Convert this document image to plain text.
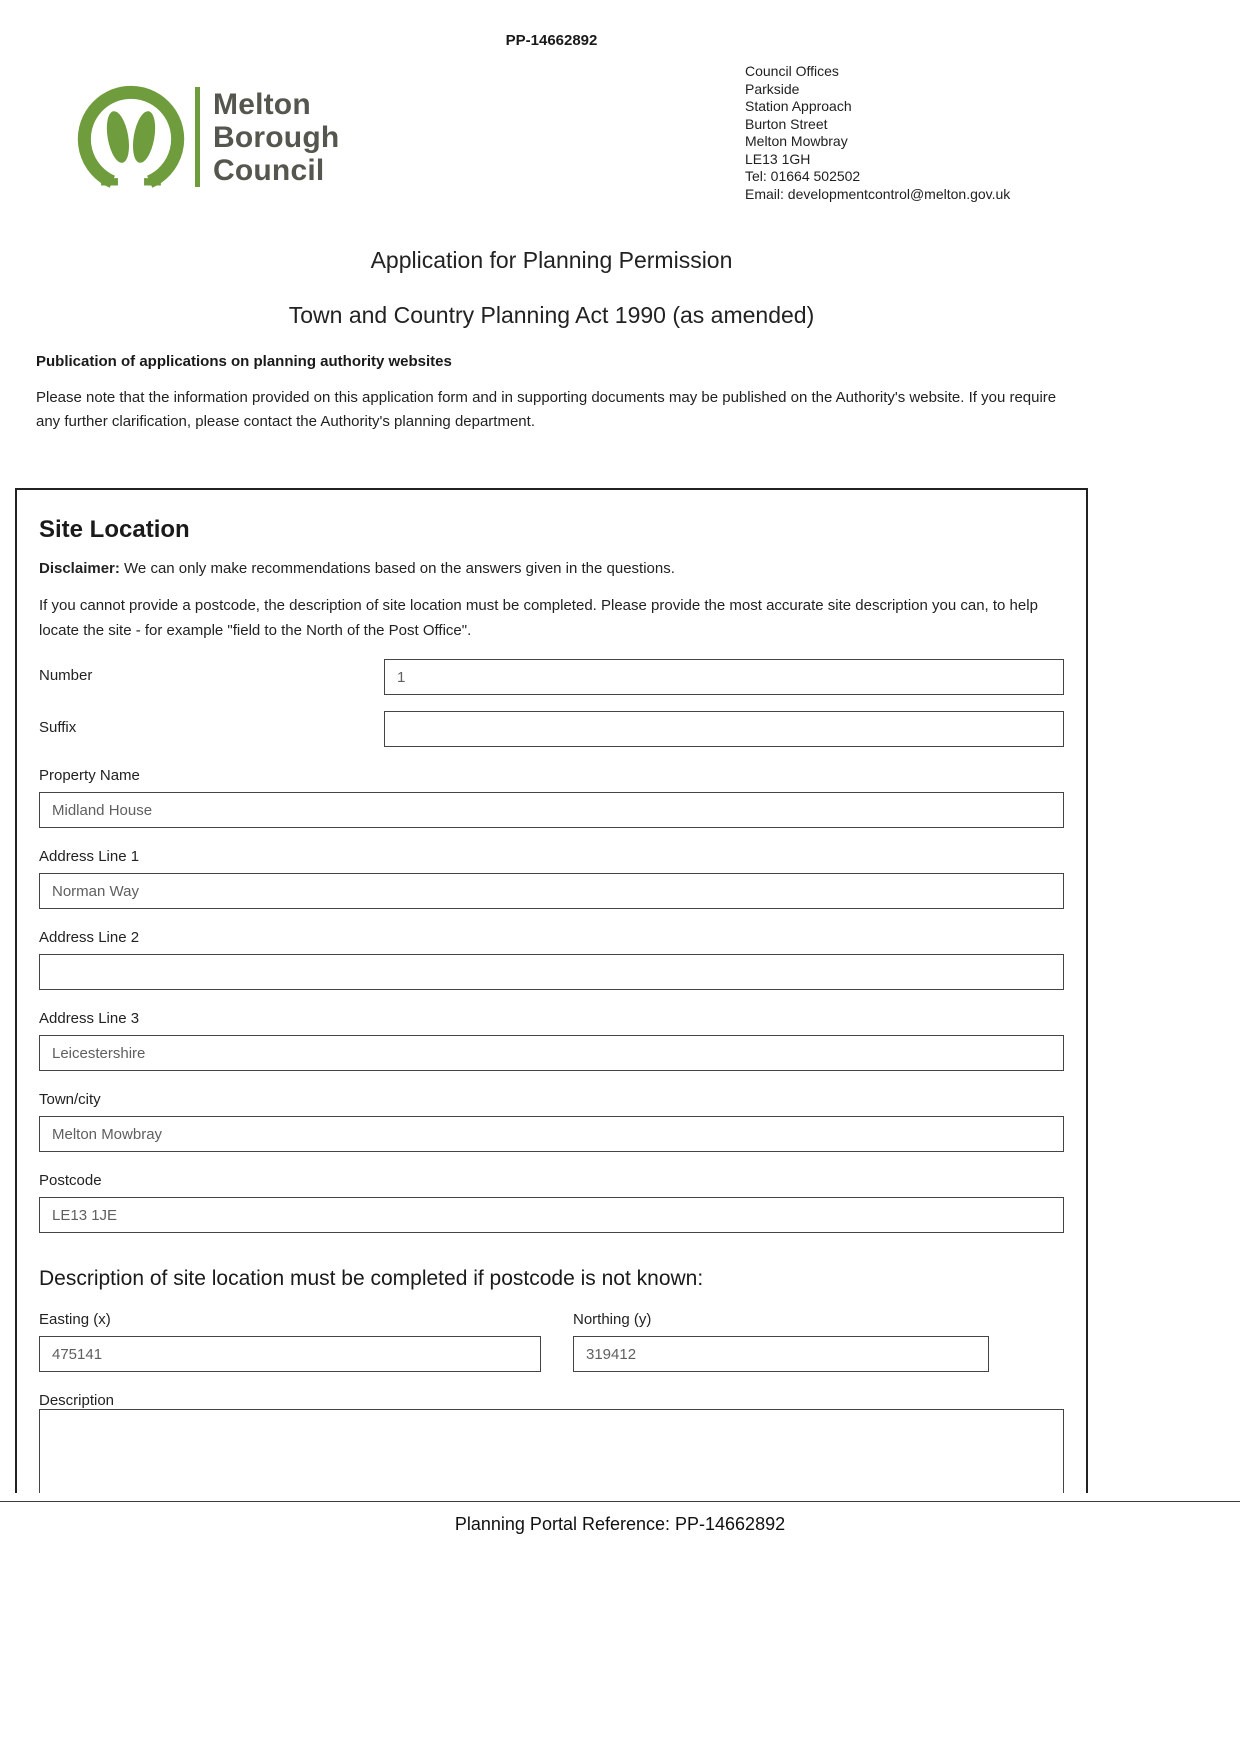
PP-14662892
Melton
Borough
Council
Council Offices
Parkside
Station Approach
Burton Street
Melton Mowbray
LE13 1GH
Tel: 01664 502502
Email: developmentcontrol@melton.gov.uk
Application for Planning Permission
Town and Country Planning Act 1990 (as amended)
Publication of applications on planning authority websites
Please note that the information provided on this application form and in supporting documents may be published on the Authority's website. If you require any further clarification, please contact the Authority's planning department.
Site Location
Disclaimer: We can only make recommendations based on the answers given in the questions.
If you cannot provide a postcode, the description of site location must be completed. Please provide the most accurate site description you can, to help locate the site - for example "field to the North of the Post Office".
Number
1
Suffix
Property Name
Midland House
Address Line 1
Norman Way
Address Line 2
Address Line 3
Leicestershire
Town/city
Melton Mowbray
Postcode
LE13 1JE
Description of site location must be completed if postcode is not known:
Easting (x)
475141	Northing (y)
319412
Description
Planning Portal Reference: PP-14662892
